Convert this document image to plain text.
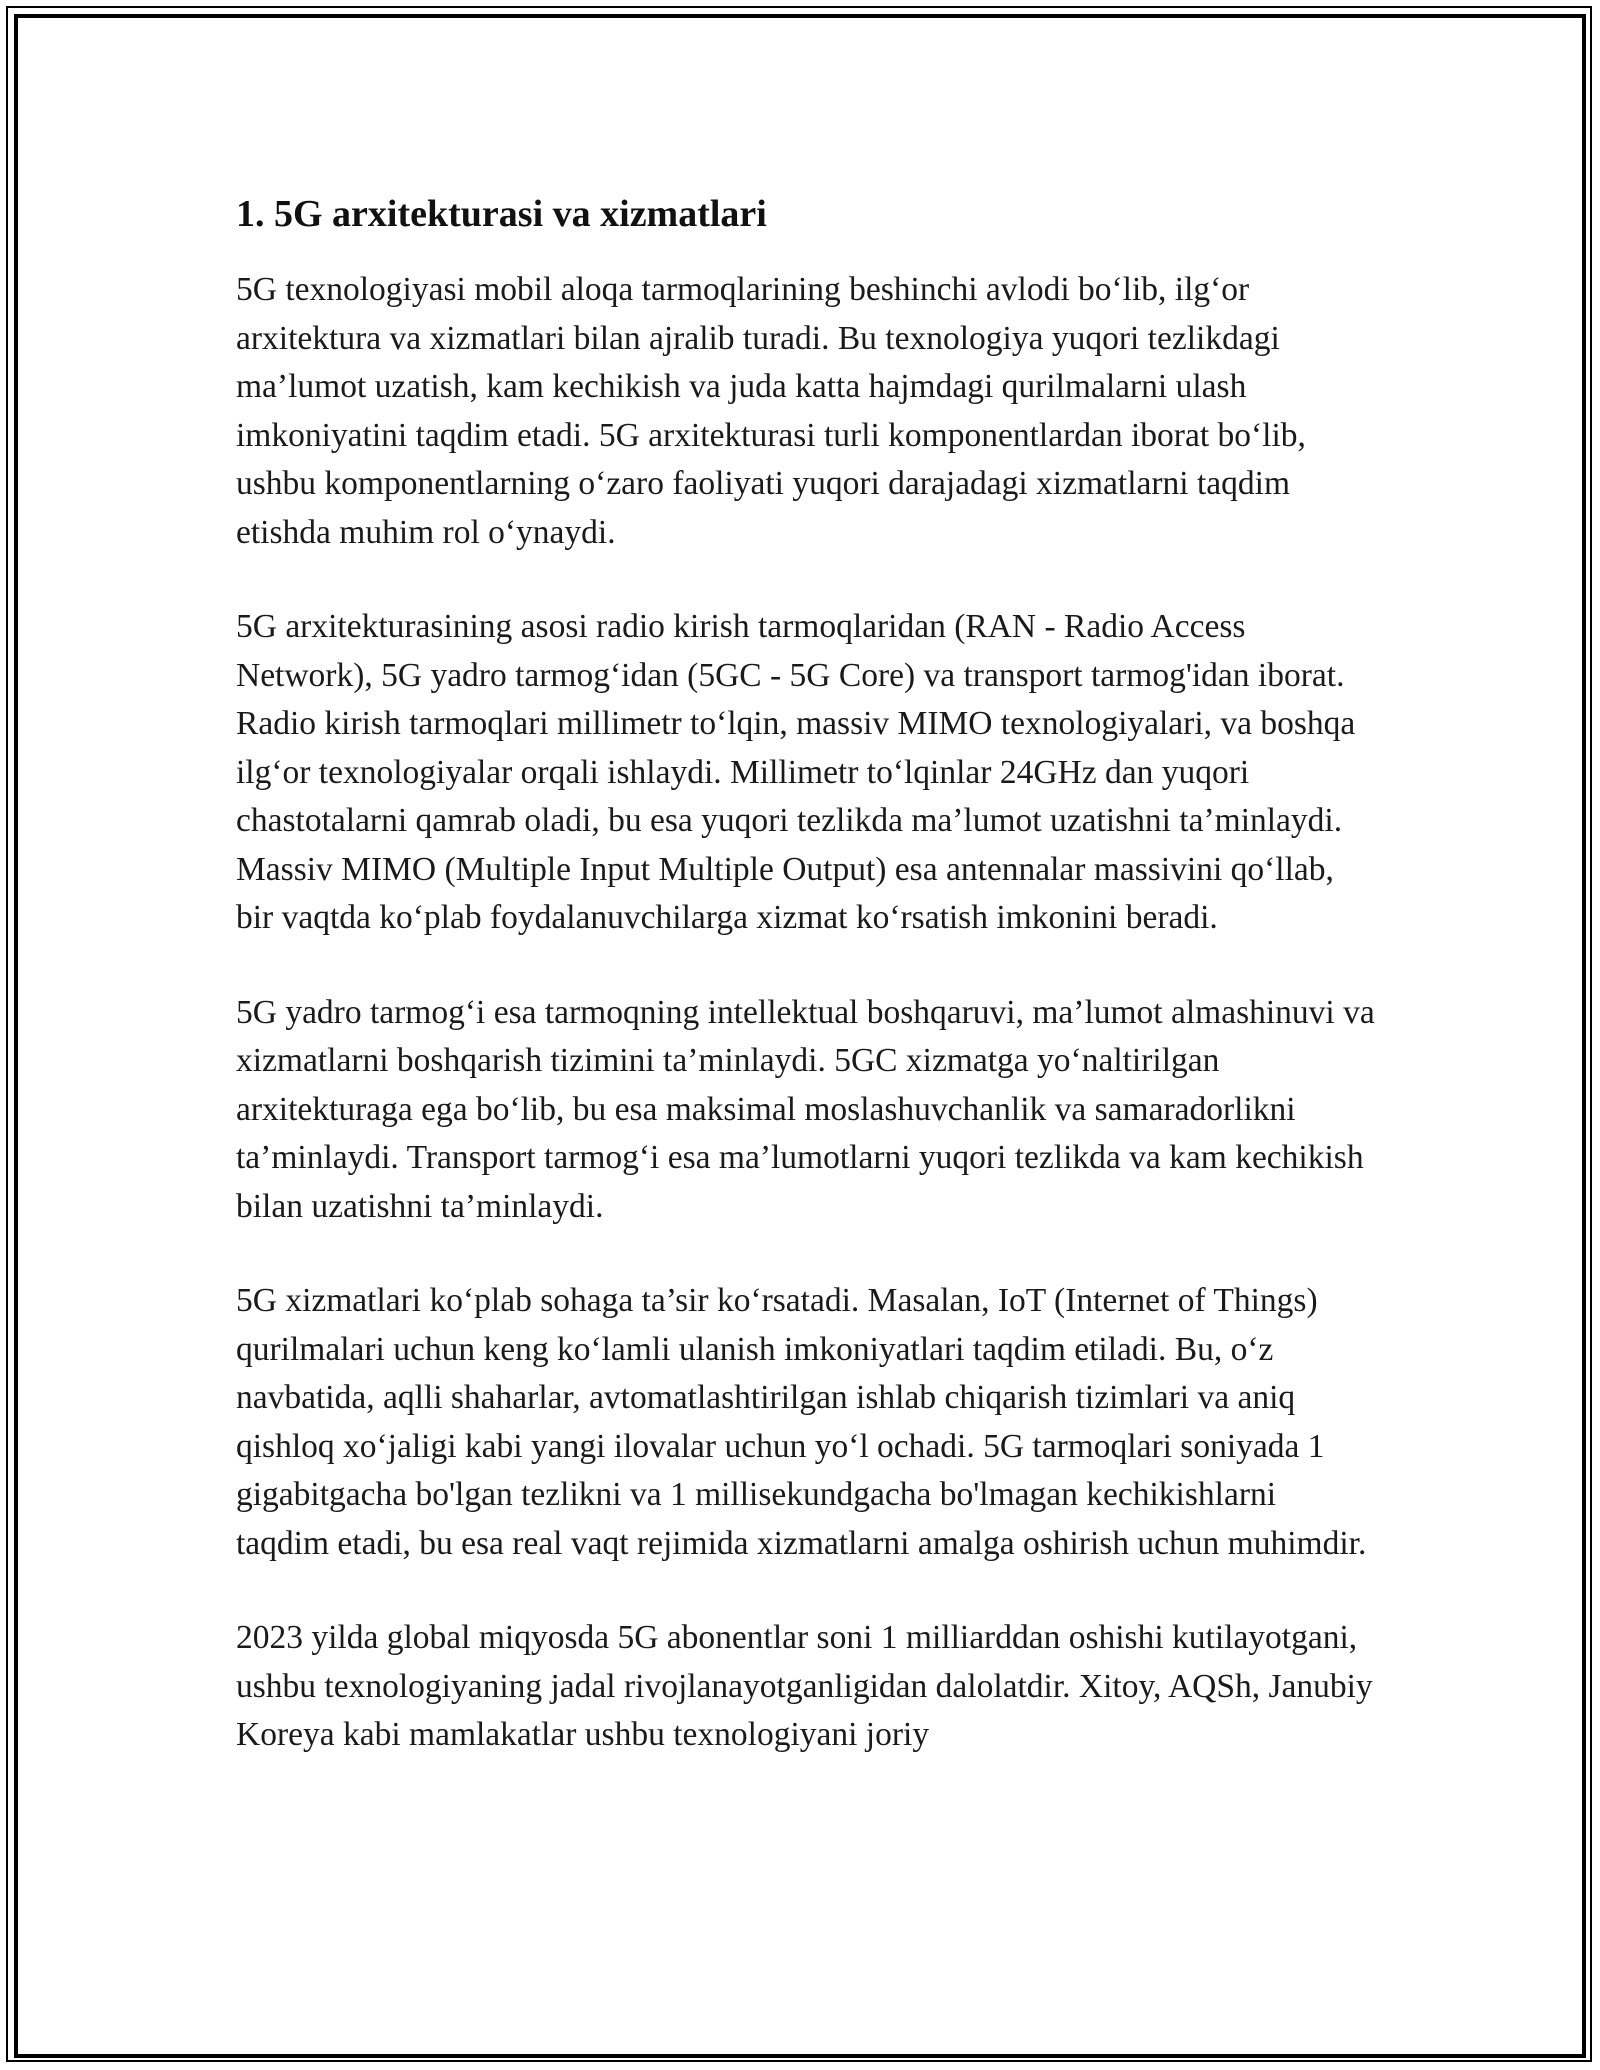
1. 5G arxitekturasi va xizmatlari

5G texnologiyasi mobil aloqa tarmoqlarining beshinchi avlodi bo‘lib, ilg‘or arxitektura va xizmatlari bilan ajralib turadi. Bu texnologiya yuqori tezlikdagi ma’lumot uzatish, kam kechikish va juda katta hajmdagi qurilmalarni ulash imkoniyatini taqdim etadi. 5G arxitekturasi turli komponentlardan iborat bo‘lib, ushbu komponentlarning o‘zaro faoliyati yuqori darajadagi xizmatlarni taqdim etishda muhim rol o‘ynaydi.

5G arxitekturasining asosi radio kirish tarmoqlaridan (RAN - Radio Access Network), 5G yadro tarmog‘idan (5GC - 5G Core) va transport tarmog'idan iborat. Radio kirish tarmoqlari millimetr to‘lqin, massiv MIMO texnologiyalari, va boshqa ilg‘or texnologiyalar orqali ishlaydi. Millimetr to‘lqinlar 24GHz dan yuqori chastotalarni qamrab oladi, bu esa yuqori tezlikda ma’lumot uzatishni ta’minlaydi. Massiv MIMO (Multiple Input Multiple Output) esa antennalar massivini qo‘llab, bir vaqtda ko‘plab foydalanuvchilarga xizmat ko‘rsatish imkonini beradi.

5G yadro tarmog‘i esa tarmoqning intellektual boshqaruvi, ma’lumot almashinuvi va xizmatlarni boshqarish tizimini ta’minlaydi. 5GC xizmatga yo‘naltirilgan arxitekturaga ega bo‘lib, bu esa maksimal moslashuvchanlik va samaradorlikni ta’minlaydi. Transport tarmog‘i esa ma’lumotlarni yuqori tezlikda va kam kechikish bilan uzatishni ta’minlaydi.

5G xizmatlari ko‘plab sohaga ta’sir ko‘rsatadi. Masalan, IoT (Internet of Things) qurilmalari uchun keng ko‘lamli ulanish imkoniyatlari taqdim etiladi. Bu, o‘z navbatida, aqlli shaharlar, avtomatlashtirilgan ishlab chiqarish tizimlari va aniq qishloq xo‘jaligi kabi yangi ilovalar uchun yo‘l ochadi. 5G tarmoqlari soniyada 1 gigabitgacha bo'lgan tezlikni va 1 millisekundgacha bo'lmagan kechikishlarni taqdim etadi, bu esa real vaqt rejimida xizmatlarni amalga oshirish uchun muhimdir.

2023 yilda global miqyosda 5G abonentlar soni 1 milliarddan oshishi kutilayotgani, ushbu texnologiyaning jadal rivojlanayotganligidan dalolatdir. Xitoy, AQSh, Janubiy Koreya kabi mamlakatlar ushbu texnologiyani joriy
